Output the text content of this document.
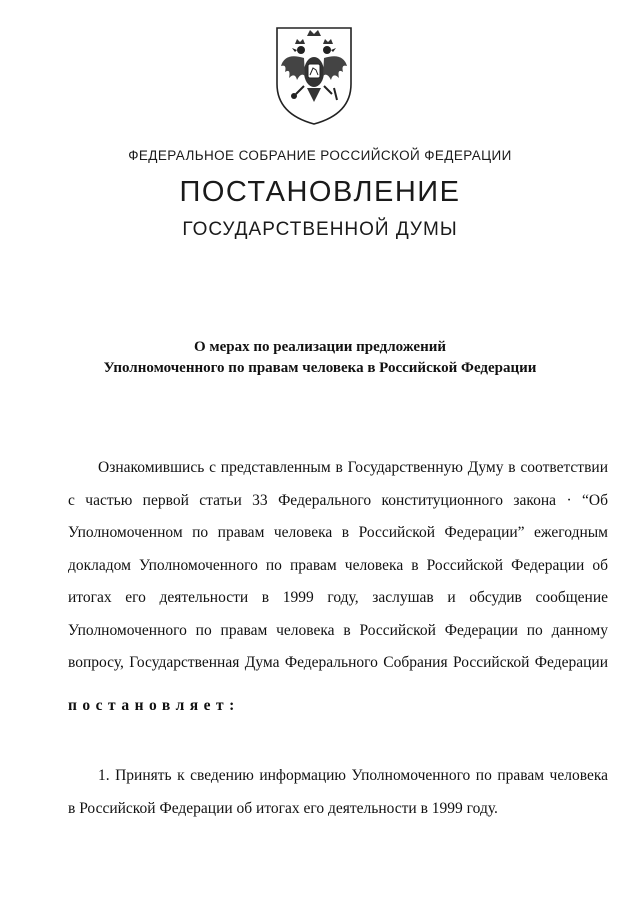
ФЕДЕРАЛЬНОЕ СОБРАНИЕ РОССИЙСКОЙ ФЕДЕРАЦИИ
ПОСТАНОВЛЕНИЕ
ГОСУДАРСТВЕННОЙ ДУМЫ
О мерах по реализации предложений
Уполномоченного по правам человека в Российской Федерации
Ознакомившись с представленным в Государственную Думу в соответствии
с частью первой статьи 33 Федерального конституционного закона · “Об
Уполномоченном по правам человека в Российской Федерации” ежегодным
докладом Уполномоченного по правам человека в Российской Федерации об
итогах его деятельности в 1999 году, заслушав и обсудив сообщение
Уполномоченного по правам человека в Российской Федерации по данному
вопросу, Государственная Дума Федерального Собрания Российской Федерации
постановляет:
1. Принять к сведению информацию Уполномоченного по правам человека
в Российской Федерации об итогах его деятельности в 1999 году.
